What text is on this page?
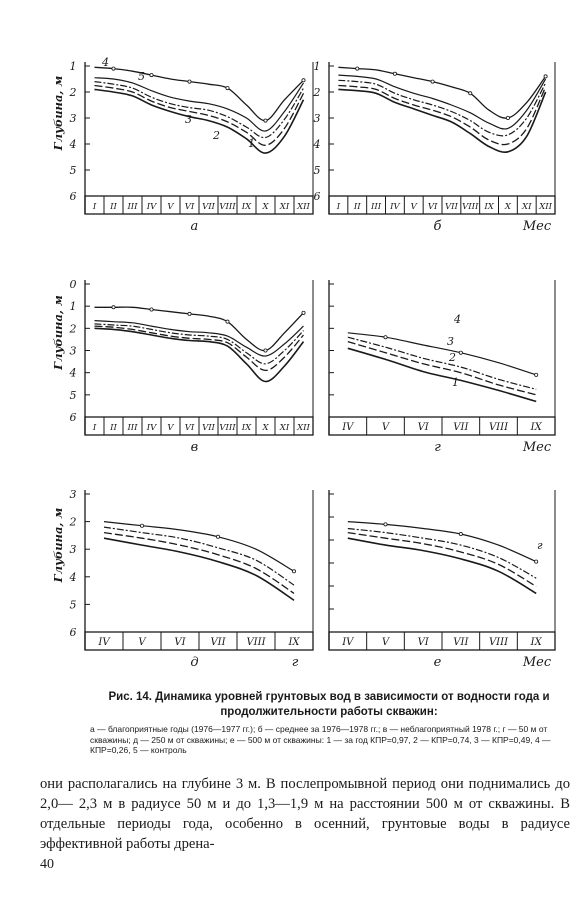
1
2
3
4
5
6
Глубина, м
I II III IV V VI VII VIII IX X XI XII
4
5
3
2
1
а
1
2
3
4
5
6
I II III IV V VI VII VIII IX X XI XII
б	Мес
0
1
2
3
4
5
6
Глубина, м
I II III IV V VI VII VIII IX X XI XII
в
IV	V	VI VII VIII IX
4
3
2
1
г	Мес
3
2
3
4
5
6
Глубина, м
IV	V	VI VII VIII IX
д	г
IV	V	VI VII VIII IX
г
е	Мес
Рис. 14. Динамика уровней грунтовых вод в зависимости от водности года и продолжительности работы скважин:
а — благоприятные годы (1976—1977 гг.); б — среднее за 1976—1978 гг.; в — неблагоприятный 1978 г.; г — 50 м от скважины; д — 250 м от скважины; е — 500 м от скважины: 1 — за год КПР=0,97, 2 — КПР=0,74, 3 — КПР=0,49, 4 — КПР=0,26, 5 — контроль
они располагались на глубине 3 м. В послепромывной период они поднимались до 2,0— 2,3 м в радиусе 50 м и до 1,3—1,9 м на расстоянии 500 м от скважины. В отдельные периоды года, особенно в осенний, грунтовые воды в радиусе эффективной работы дрена-
40
